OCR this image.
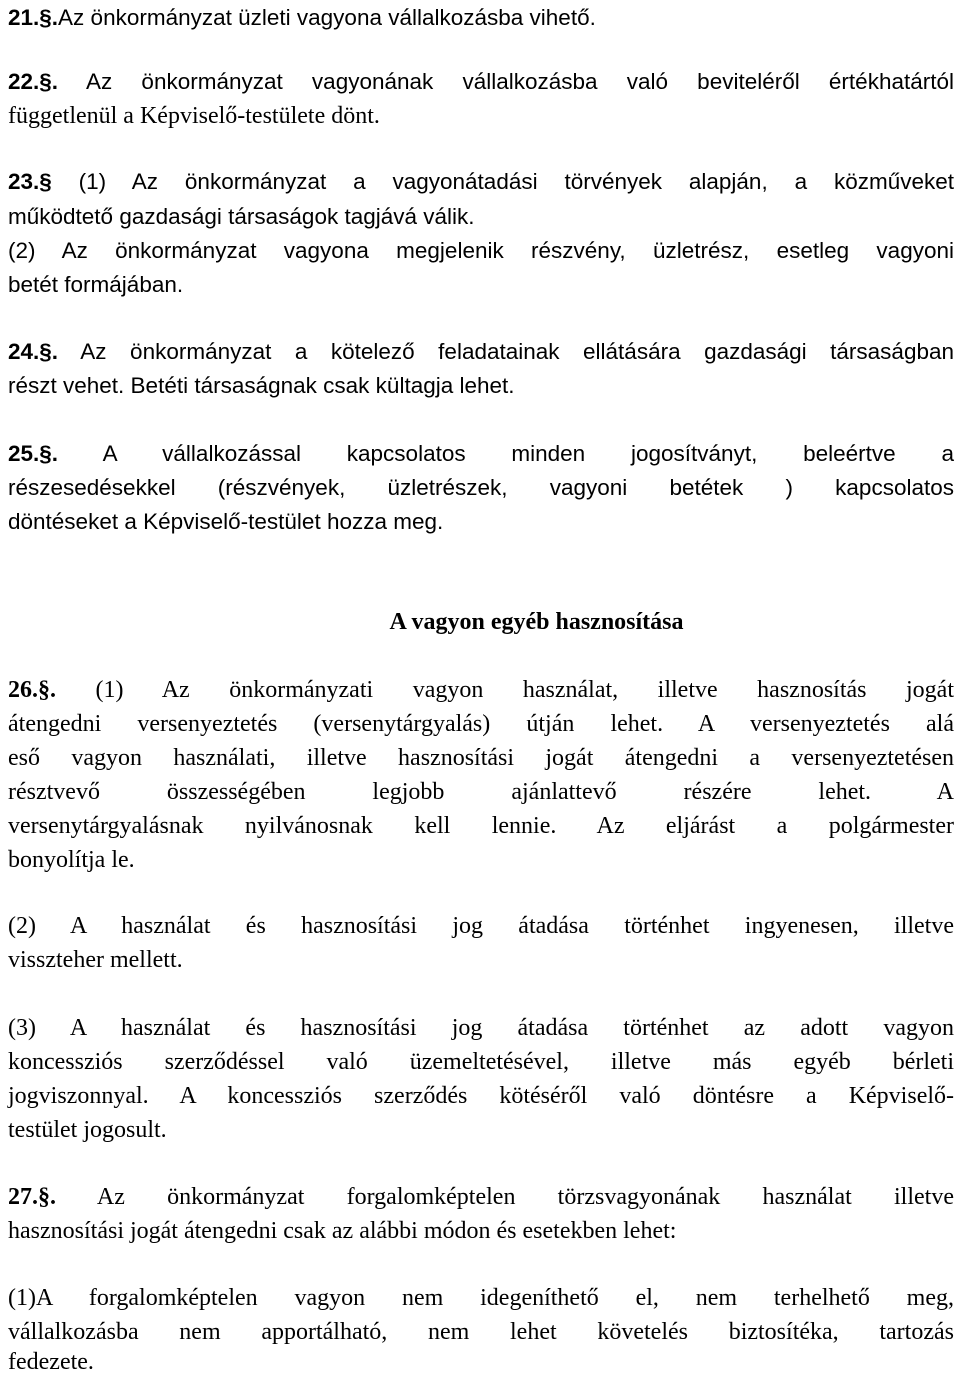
21.§.Az önkormányzat üzleti vagyona vállalkozásba vihető.
22.§. Az önkormányzat vagyonának vállalkozásba való beviteléről értékhatártól
függetlenül a Képviselő-testülete dönt.
23.§ (1) Az önkormányzat a vagyonátadási törvények alapján, a közműveket
működtető gazdasági társaságok tagjává válik.
(2) Az önkormányzat vagyona megjelenik részvény, üzletrész, esetleg vagyoni
betét formájában.
24.§. Az önkormányzat a kötelező feladatainak ellátására gazdasági társaságban
részt vehet. Betéti társaságnak csak kültagja lehet.
25.§. A vállalkozással kapcsolatos minden jogosítványt, beleértve a
részesedésekkel (részvények, üzletrészek, vagyoni betétek ) kapcsolatos
döntéseket a Képviselő-testület hozza meg.
A vagyon egyéb hasznosítása
26.§. (1) Az önkormányzati vagyon használat, illetve hasznosítás jogát
átengedni versenyeztetés (versenytárgyalás) útján lehet. A versenyeztetés alá
eső vagyon használati, illetve hasznosítási jogát átengedni a versenyeztetésen
résztvevő összességében legjobb ajánlattevő részére lehet. A
versenytárgyalásnak nyilvánosnak kell lennie. Az eljárást a polgármester
bonyolítja le.
(2) A használat és hasznosítási jog átadása történhet ingyenesen, illetve
visszteher mellett.
(3) A használat és hasznosítási jog átadása történhet az adott vagyon
koncessziós szerződéssel való üzemeltetésével, illetve más egyéb bérleti
jogviszonnyal. A koncessziós szerződés kötéséről való döntésre a Képviselő-
testület jogosult.
27.§. Az önkormányzat forgalomképtelen törzsvagyonának használat illetve
hasznosítási jogát átengedni csak az alábbi módon és esetekben lehet:
(1)A forgalomképtelen vagyon nem idegeníthető el, nem terhelhető meg,
vállalkozásba nem apportálható, nem lehet követelés biztosítéka, tartozás
fedezete.
